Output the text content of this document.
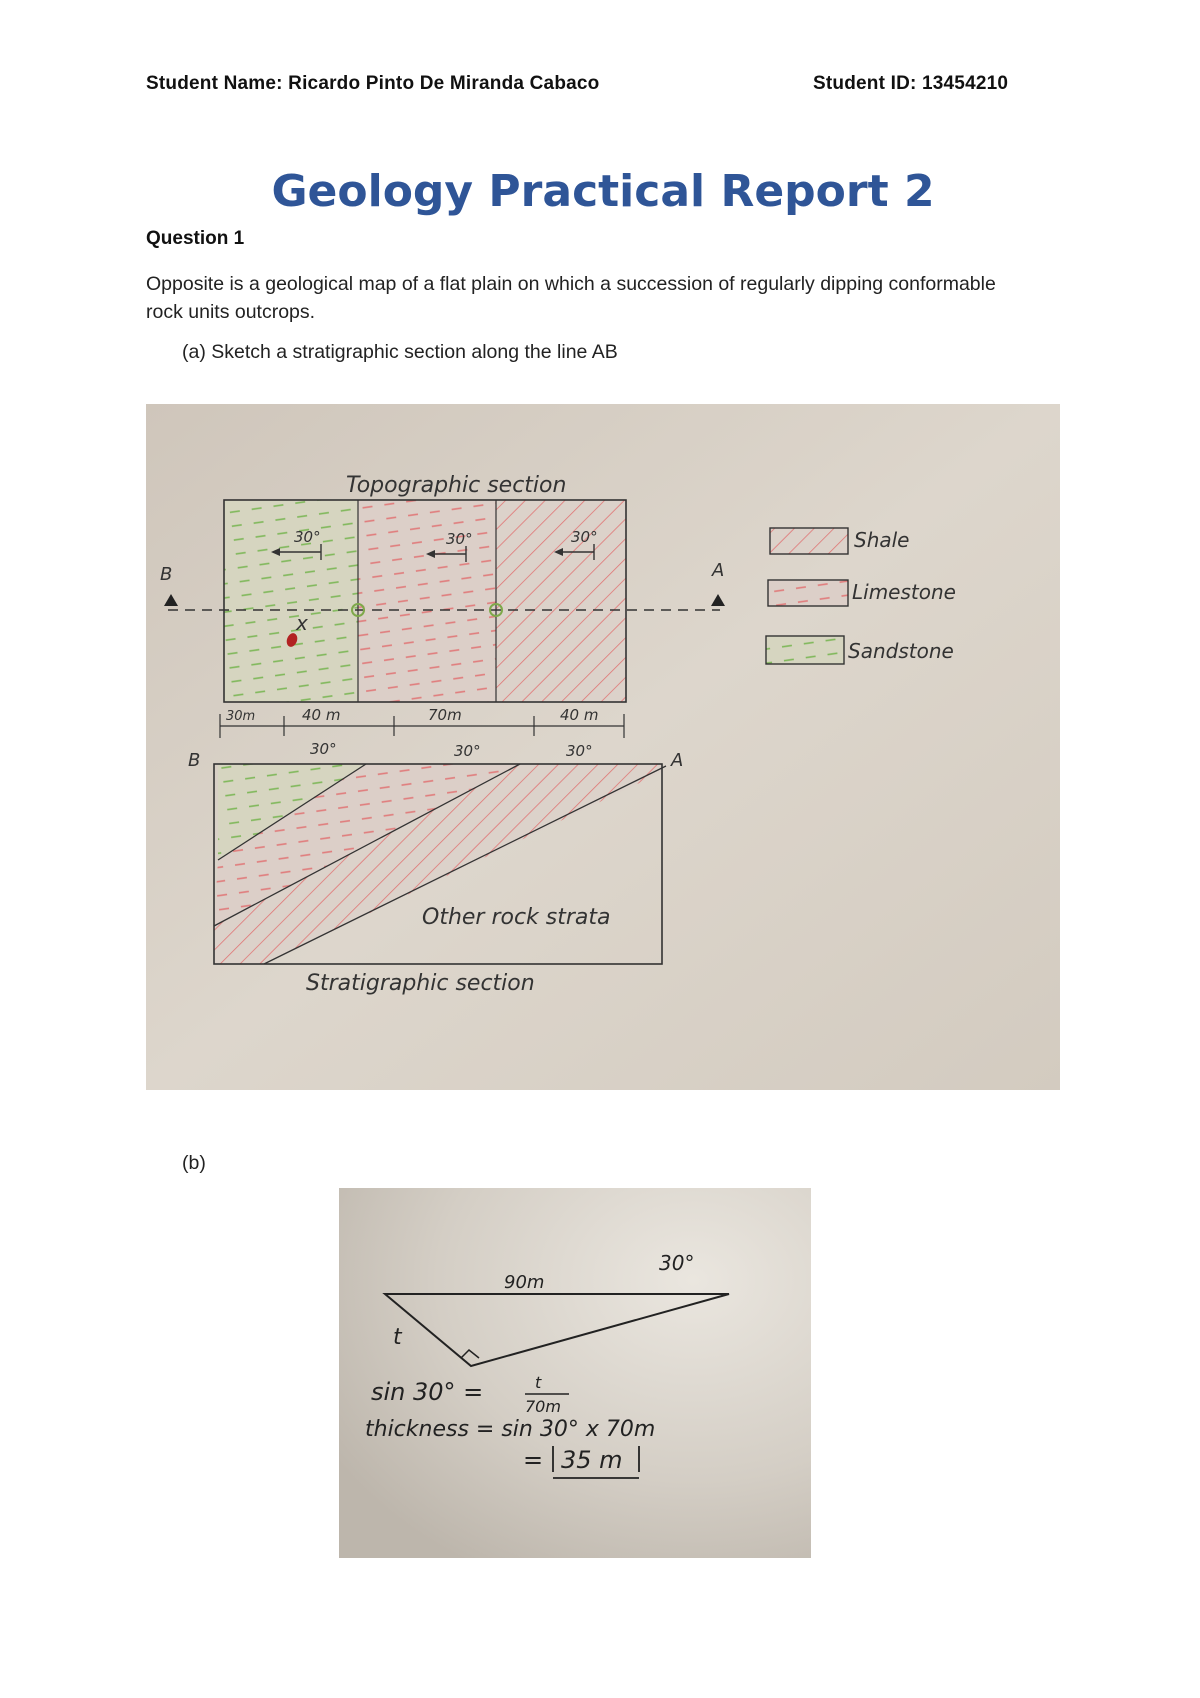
Student Name: Ricardo Pinto De Miranda Cabaco	Student ID: 13454210
Geology Practical Report 2
Question 1
Opposite is a geological map of a flat plain on which a succession of regularly dipping conformable rock units outcrops.
(a) Sketch a stratigraphic section along the line AB
Topographic section
30°	30°	30°
B	A
x
Shale
Limestone
Sandstone
30m	40 m	70m	40 m
B	A
30°	30°	30°
Other rock strata
Stratigraphic section
(b)
30°
90m
t
sin 30° =	t
70m
thickness = sin 30° x 70m
= 35 m
